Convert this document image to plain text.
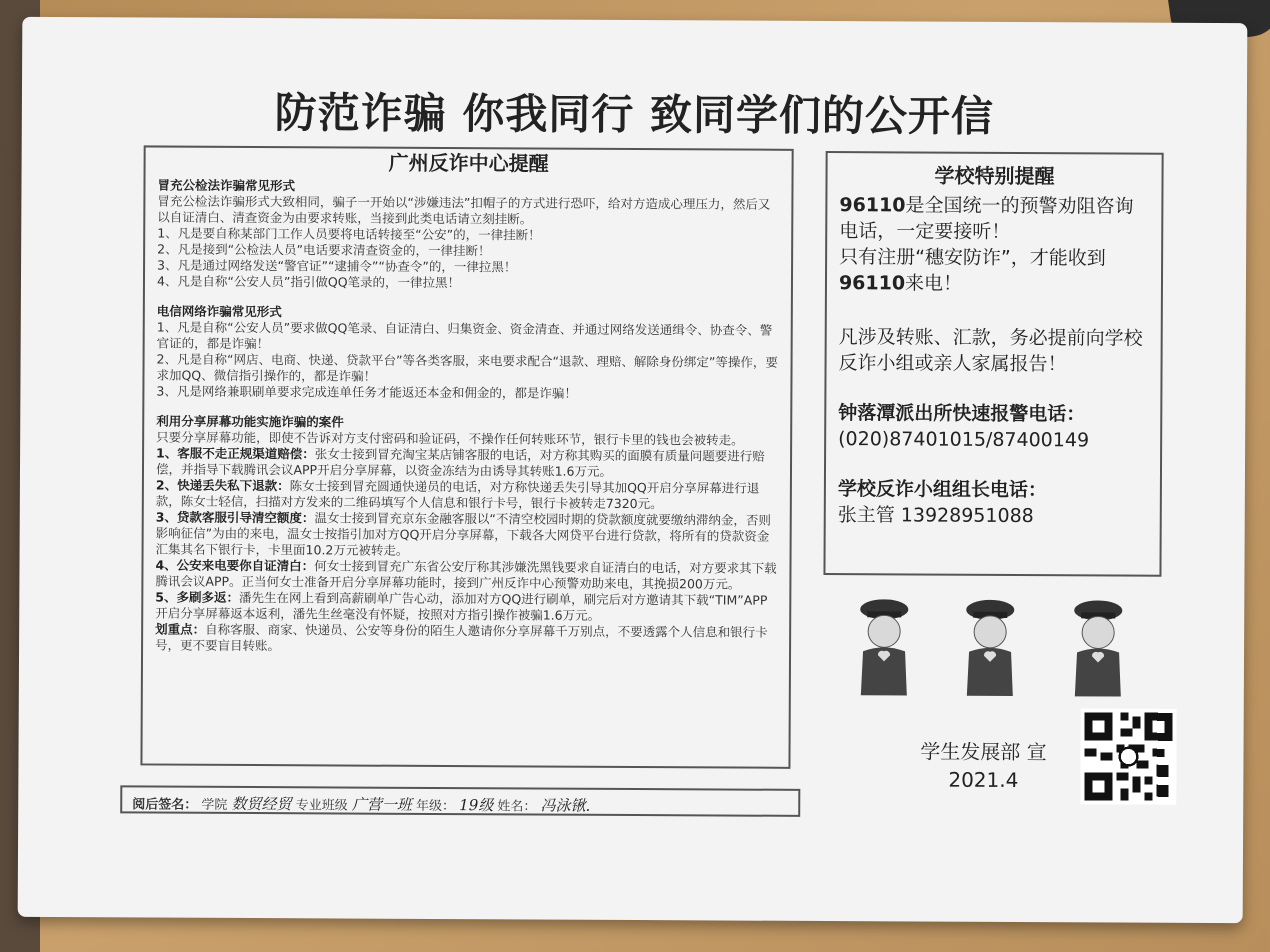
防范诈骗 你我同行 致同学们的公开信
广州反诈中心提醒
冒充公检法诈骗常见形式
冒充公检法诈骗形式大致相同，骗子一开始以“涉嫌违法”扣帽子的方式进行恐吓，给对方造成心理压力，然后又以自证清白、清查资金为由要求转账，当接到此类电话请立刻挂断。
1、凡是要自称某部门工作人员要将电话转接至“公安”的，一律挂断！
2、凡是接到“公检法人员”电话要求清查资金的，一律挂断！
3、凡是通过网络发送“警官证”“逮捕令”“协查令”的，一律拉黑！
4、凡是自称“公安人员”指引做QQ笔录的，一律拉黑！
电信网络诈骗常见形式
1、凡是自称“公安人员”要求做QQ笔录、自证清白、归集资金、资金清查、并通过网络发送通缉令、协查令、警官证的，都是诈骗！
2、凡是自称“网店、电商、快递、贷款平台”等各类客服，来电要求配合“退款、理赔、解除身份绑定”等操作，要求加QQ、微信指引操作的，都是诈骗！
3、凡是网络兼职刷单要求完成连单任务才能返还本金和佣金的，都是诈骗！
利用分享屏幕功能实施诈骗的案件
只要分享屏幕功能，即使不告诉对方支付密码和验证码，不操作任何转账环节，银行卡里的钱也会被转走。

1、客服不走正规渠道赔偿：张女士接到冒充淘宝某店铺客服的电话，对方称其购买的面膜有质量问题要进行赔偿，并指导下载腾讯会议APP开启分享屏幕，以资金冻结为由诱导其转账1.6万元。

2、快递丢失私下退款：陈女士接到冒充圆通快递员的电话，对方称快递丢失引导其加QQ开启分享屏幕进行退款，陈女士轻信，扫描对方发来的二维码填写个人信息和银行卡号，银行卡被转走7320元。

3、贷款客服引导清空额度：温女士接到冒充京东金融客服以“不清空校园时期的贷款额度就要缴纳滞纳金，否则影响征信”为由的来电，温女士按指引加对方QQ开启分享屏幕，下载各大网贷平台进行贷款，将所有的贷款资金汇集其名下银行卡，卡里面10.2万元被转走。

4、公安来电要你自证清白：何女士接到冒充广东省公安厅称其涉嫌洗黑钱要求自证清白的电话，对方要求其下载腾讯会议APP。正当何女士准备开启分享屏幕功能时，接到广州反诈中心预警劝助来电，其挽损200万元。

5、多刷多返：潘先生在网上看到高薪刷单广告心动，添加对方QQ进行刷单，刷完后对方邀请其下载“TIM”APP开启分享屏幕返本返利，潘先生丝毫没有怀疑，按照对方指引操作被骗1.6万元。

划重点：自称客服、商家、快递员、公安等身份的陌生人邀请你分享屏幕千万别点，不要透露个人信息和银行卡号，更不要盲目转账。

学校特别提醒
96110是全国统一的预警劝阻咨询电话，一定要接听！
只有注册“穗安防诈”，才能收到96110来电！
凡涉及转账、汇款，务必提前向学校反诈小组或亲人家属报告！
钟落潭派出所快速报警电话：
(020)87401015/87400149
学校反诈小组组长电话：
张主管 13928951088
阅后签名： 学院 数贸经贸 专业班级 广营一班 年级： 19级 姓名： 冯泳锹.
学生发展部 宣
2021.4
